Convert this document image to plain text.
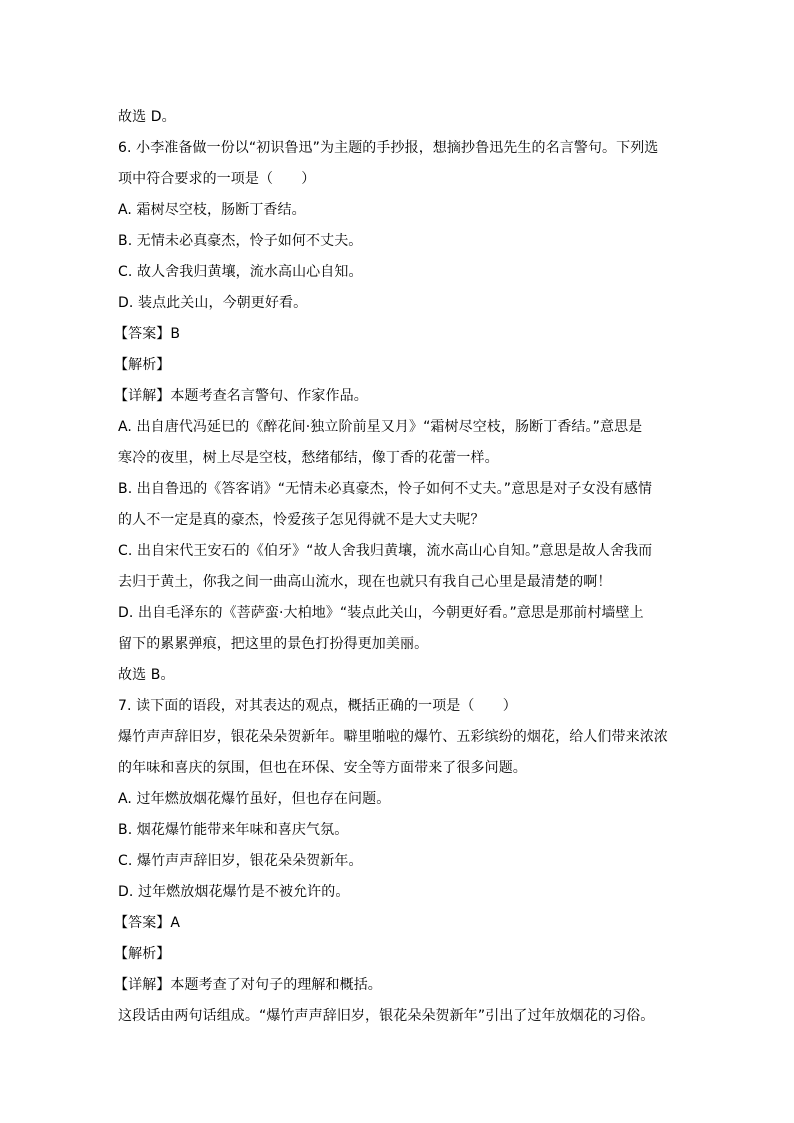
故选 D。
6. 小李准备做一份以“初识鲁迅”为主题的手抄报，想摘抄鲁迅先生的名言警句。下列选
项中符合要求的一项是（　　）
A. 霜树尽空枝，肠断丁香结。
B. 无情未必真豪杰，怜子如何不丈夫。
C. 故人舍我归黄壤，流水高山心自知。
D. 装点此关山，今朝更好看。
【答案】B
【解析】
【详解】本题考查名言警句、作家作品。
A. 出自唐代冯延巳的《醉花间·独立阶前星又月》“霜树尽空枝，肠断丁香结。”意思是
寒冷的夜里，树上尽是空枝，愁绪郁结，像丁香的花蕾一样。
B. 出自鲁迅的《答客诮》“无情未必真豪杰，怜子如何不丈夫。”意思是对子女没有感情
的人不一定是真的豪杰，怜爱孩子怎见得就不是大丈夫呢？
C. 出自宋代王安石的《伯牙》“故人舍我归黄壤，流水高山心自知。”意思是故人舍我而
去归于黄土，你我之间一曲高山流水，现在也就只有我自己心里是最清楚的啊！
D. 出自毛泽东的《菩萨蛮·大柏地》“装点此关山，今朝更好看。”意思是那前村墙壁上
留下的累累弹痕，把这里的景色打扮得更加美丽。
故选 B。
7. 读下面的语段，对其表达的观点，概括正确的一项是（　　）
爆竹声声辞旧岁，银花朵朵贺新年。噼里啪啦的爆竹、五彩缤纷的烟花，给人们带来浓浓
的年味和喜庆的氛围，但也在环保、安全等方面带来了很多问题。
A. 过年燃放烟花爆竹虽好，但也存在问题。
B. 烟花爆竹能带来年味和喜庆气氛。
C. 爆竹声声辞旧岁，银花朵朵贺新年。
D. 过年燃放烟花爆竹是不被允许的。
【答案】A
【解析】
【详解】本题考查了对句子的理解和概括。
这段话由两句话组成。“爆竹声声辞旧岁，银花朵朵贺新年”引出了过年放烟花的习俗。
